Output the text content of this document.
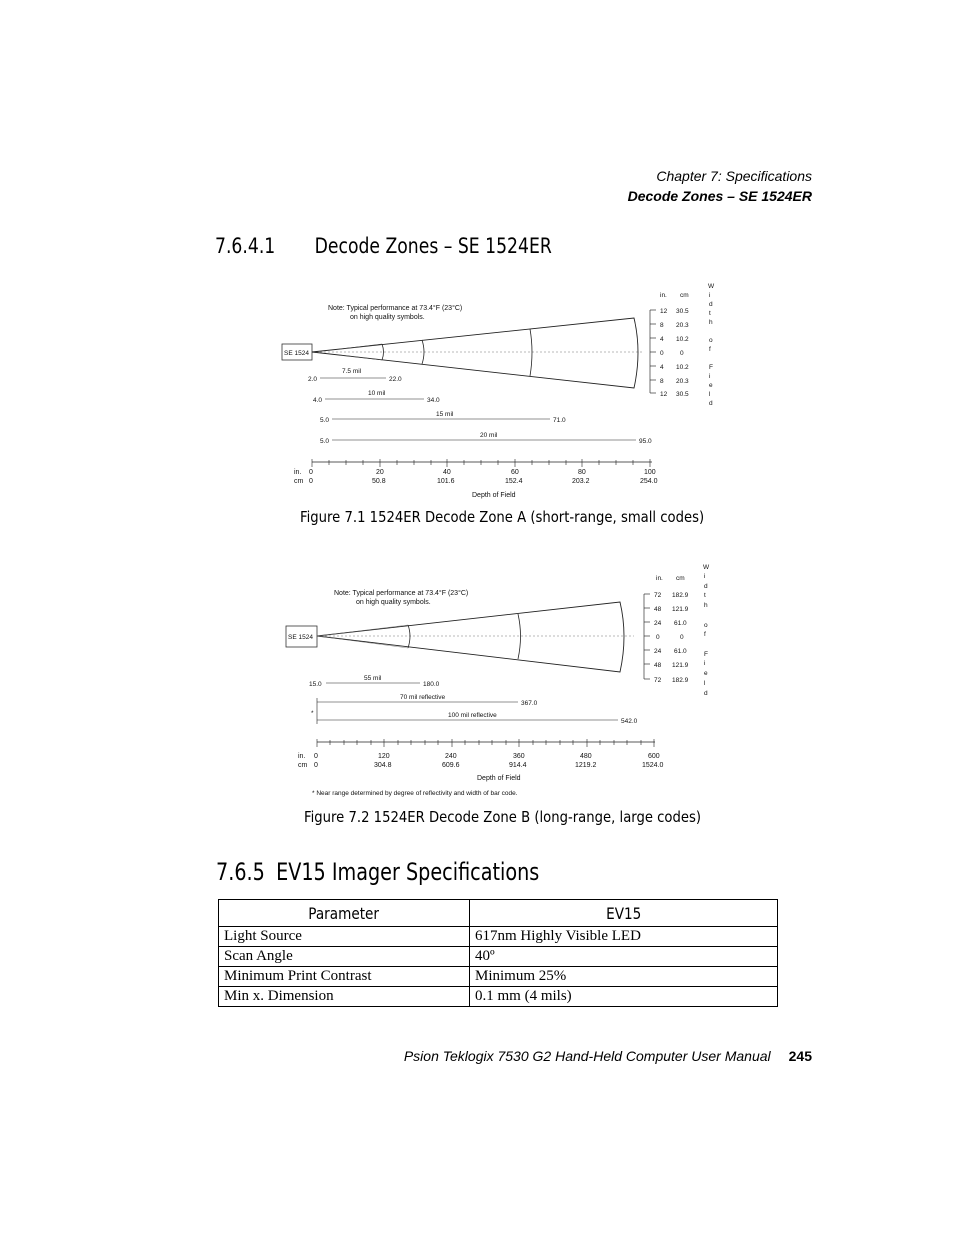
Chapter 7: Specifications
Decode Zones – SE 1524ER
7.6.4.1 Decode Zones – SE 1524ER
Note: Typical performance at 73.4°F (23°C)
on high quality symbols.
SE 1524
in. cm
12
8
4
0
4
8
12
30.5
20.3
10.2
0
10.2
20.3
30.5
W
i
d
t
h
o
f
F
i
e
l
d
7.5 mil
2.0	22.0
10 mil
4.0	34.0
15 mil
5.0	71.0
20 mil
5.0	95.0
in.
cm
0	20	40	60	80	100
0	50.8	101.6	152.4	203.2	254.0
Depth of Field
Figure 7.1 1524ER Decode Zone A (short-range, small codes)
Note: Typical performance at 73.4°F (23°C)
on high quality symbols.
SE 1524
in. cm
72
48
24
0
24
48
72
182.9
121.9
61.0
0
61.0
121.9
182.9
W
i
d
t
h
o
f
F
i
e
l
d
55 mil
15.0	180.0
*
70 mil reflective
367.0
100 mil reflective
542.0
in.
cm
0	120	240	360	480	600
0	304.8	609.6	914.4	1219.2	1524.0
Depth of Field
* Near range determined by degree of reflectivity and width of bar code.
Figure 7.2 1524ER Decode Zone B (long-range, large codes)
7.6.5 EV15 Imager Specifications
Parameter	EV15
Light Source	617nm Highly Visible LED
Scan Angle	40º
Minimum Print Contrast	Minimum 25%
Min x. Dimension	0.1 mm (4 mils)
Psion Teklogix 7530 G2 Hand-Held Computer User Manual 245
